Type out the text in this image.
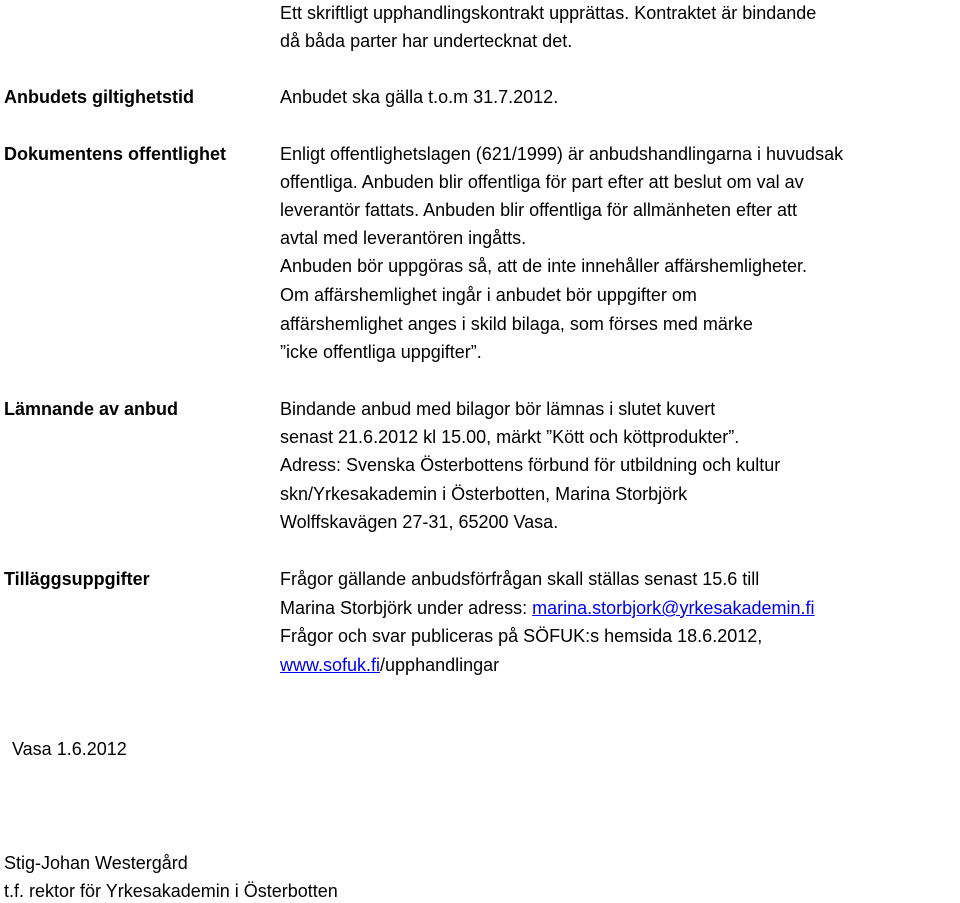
Ett skriftligt upphandlingskontrakt upprättas. Kontraktet är bindande
då båda parter har undertecknat det.
Anbudets giltighetstid	Anbudet ska gälla t.o.m 31.7.2012.
Dokumentens offentlighet	Enligt offentlighetslagen (621/1999) är anbudshandlingarna i huvudsak
offentliga. Anbuden blir offentliga för part efter att beslut om val av
leverantör fattats. Anbuden blir offentliga för allmänheten efter att
avtal med leverantören ingåtts.
Anbuden bör uppgöras så, att de inte innehåller affärshemligheter.
Om affärshemlighet ingår i anbudet bör uppgifter om
affärshemlighet anges i skild bilaga, som förses med märke
”icke offentliga uppgifter”.
Lämnande av anbud	Bindande anbud med bilagor bör lämnas i slutet kuvert
senast 21.6.2012 kl 15.00, märkt ”Kött och köttprodukter”.
Adress: Svenska Österbottens förbund för utbildning och kultur
skn/Yrkesakademin i Österbotten, Marina Storbjörk
Wolffskavägen 27-31, 65200 Vasa.
Tilläggsuppgifter	Frågor gällande anbudsförfrågan skall ställas senast 15.6 till
Marina Storbjörk under adress: marina.storbjork@yrkesakademin.fi
Frågor och svar publiceras på SÖFUK:s hemsida 18.6.2012,
www.sofuk.fi/upphandlingar
Vasa 1.6.2012
Stig-Johan Westergård
t.f. rektor för Yrkesakademin i Österbotten
